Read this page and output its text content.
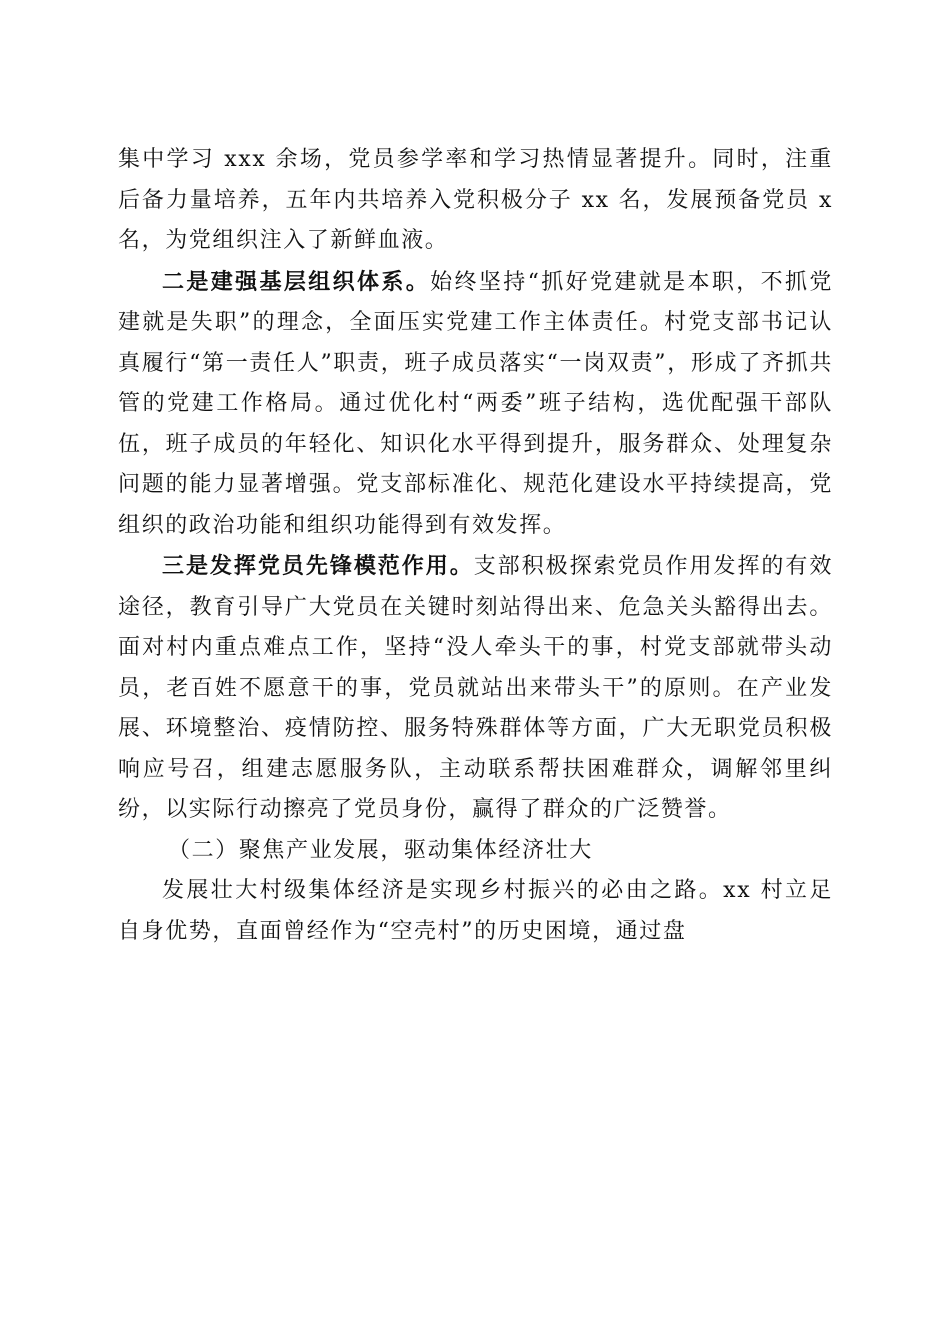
集中学习 xxx 余场，党员参学率和学习热情显著提升。同时，注重后备力量培养，五年内共培养入党积极分子 xx 名，发展预备党员 x 名，为党组织注入了新鲜血液。

二是建强基层组织体系。始终坚持“抓好党建就是本职，不抓党建就是失职”的理念，全面压实党建工作主体责任。村党支部书记认真履行“第一责任人”职责，班子成员落实“一岗双责”，形成了齐抓共管的党建工作格局。通过优化村“两委”班子结构，选优配强干部队伍，班子成员的年轻化、知识化水平得到提升，服务群众、处理复杂问题的能力显著增强。党支部标准化、规范化建设水平持续提高，党组织的政治功能和组织功能得到有效发挥。

三是发挥党员先锋模范作用。支部积极探索党员作用发挥的有效途径，教育引导广大党员在关键时刻站得出来、危急关头豁得出去。面对村内重点难点工作，坚持“没人牵头干的事，村党支部就带头动员，老百姓不愿意干的事，党员就站出来带头干”的原则。在产业发展、环境整治、疫情防控、服务特殊群体等方面，广大无职党员积极响应号召，组建志愿服务队，主动联系帮扶困难群众，调解邻里纠纷，以实际行动擦亮了党员身份，赢得了群众的广泛赞誉。

（二）聚焦产业发展，驱动集体经济壮大

发展壮大村级集体经济是实现乡村振兴的必由之路。xx 村立足自身优势，直面曾经作为“空壳村”的历史困境，通过盘
